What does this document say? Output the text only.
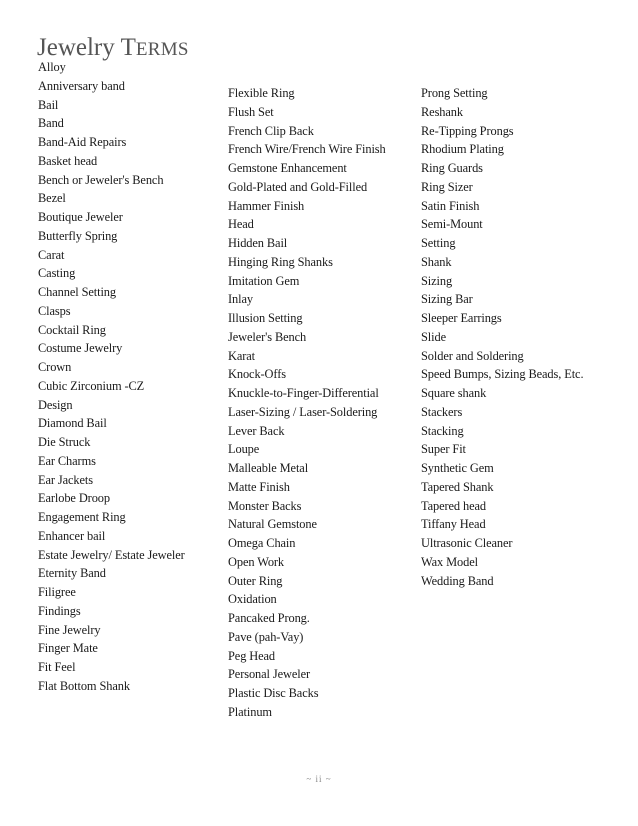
Jewelry TERMS
Alloy
Anniversary band
Bail
Band
Band-Aid Repairs
Basket head
Bench or Jeweler's Bench
Bezel
Boutique Jeweler
Butterfly Spring
Carat
Casting
Channel Setting
Clasps
Cocktail Ring
Costume Jewelry
Crown
Cubic Zirconium -CZ
Design
Diamond Bail
Die Struck
Ear Charms
Ear Jackets
Earlobe Droop
Engagement Ring
Enhancer bail
Estate Jewelry/ Estate Jeweler
Eternity Band
Filigree
Findings
Fine Jewelry
Finger Mate
Fit Feel
Flat Bottom Shank
Flexible Ring
Flush Set
French Clip Back
French Wire/French Wire Finish
Gemstone Enhancement
Gold-Plated and Gold-Filled
Hammer Finish
Head
Hidden Bail
Hinging Ring Shanks
Imitation Gem
Inlay
Illusion Setting
Jeweler's Bench
Karat
Knock-Offs
Knuckle-to-Finger-Differential
Laser-Sizing / Laser-Soldering
Lever Back
Loupe
Malleable Metal
Matte Finish
Monster Backs
Natural Gemstone
Omega Chain
Open Work
Outer Ring
Oxidation
Pancaked Prong.
Pave (pah-Vay)
Peg Head
Personal Jeweler
Plastic Disc Backs
Platinum
Prong Setting
Reshank
Re-Tipping Prongs
Rhodium Plating
Ring Guards
Ring Sizer
Satin Finish
Semi-Mount
Setting
Shank
Sizing
Sizing Bar
Sleeper Earrings
Slide
Solder and Soldering
Speed Bumps, Sizing Beads, Etc.
Square shank
Stackers
Stacking
Super Fit
Synthetic Gem
Tapered Shank
Tapered head
Tiffany Head
Ultrasonic Cleaner
Wax Model
Wedding Band
~ ii ~
